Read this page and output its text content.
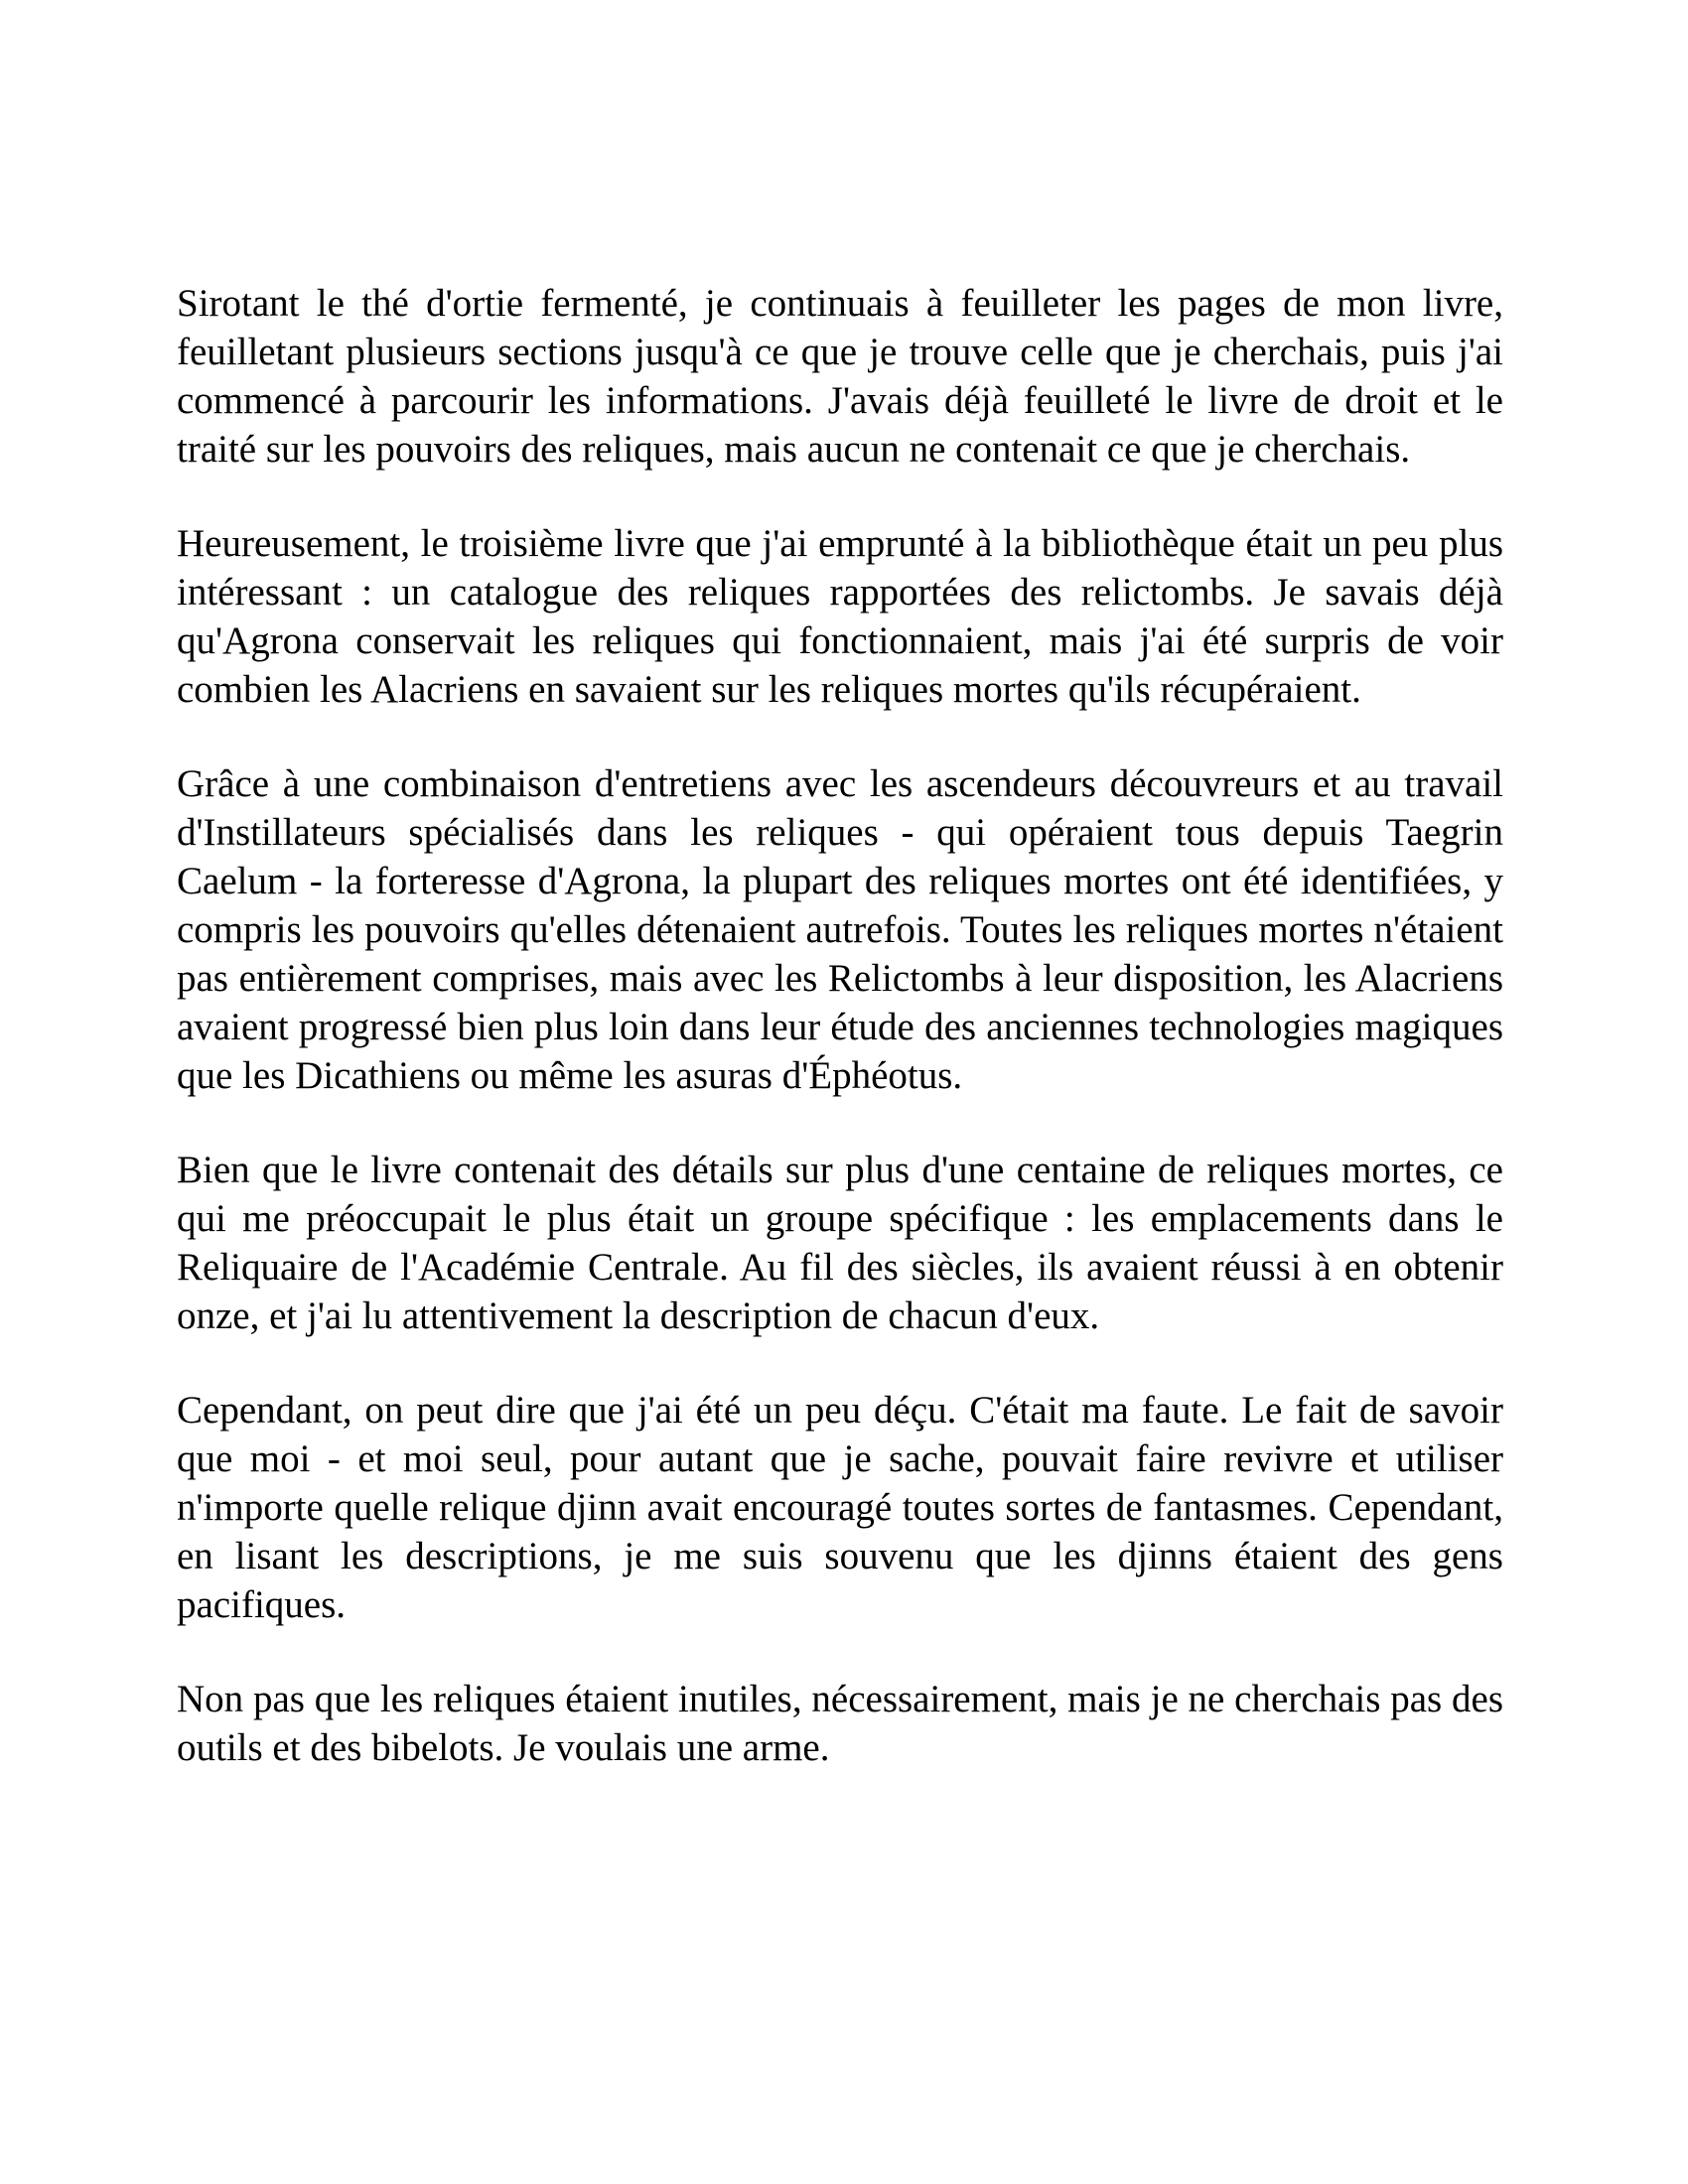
Sirotant le thé d'ortie fermenté, je continuais à feuilleter les pages de mon livre, feuilletant plusieurs sections jusqu'à ce que je trouve celle que je cherchais, puis j'ai commencé à parcourir les informations. J'avais déjà feuilleté le livre de droit et le traité sur les pouvoirs des reliques, mais aucun ne contenait ce que je cherchais.

Heureusement, le troisième livre que j'ai emprunté à la bibliothèque était un peu plus intéressant : un catalogue des reliques rapportées des relictombs. Je savais déjà qu'Agrona conservait les reliques qui fonctionnaient, mais j'ai été surpris de voir combien les Alacriens en savaient sur les reliques mortes qu'ils récupéraient.

Grâce à une combinaison d'entretiens avec les ascendeurs découvreurs et au travail d'Instillateurs spécialisés dans les reliques - qui opéraient tous depuis Taegrin Caelum - la forteresse d'Agrona, la plupart des reliques mortes ont été identifiées, y compris les pouvoirs qu'elles détenaient autrefois. Toutes les reliques mortes n'étaient pas entièrement comprises, mais avec les Relictombs à leur disposition, les Alacriens avaient progressé bien plus loin dans leur étude des anciennes technologies magiques que les Dicathiens ou même les asuras d'Éphéotus.

Bien que le livre contenait des détails sur plus d'une centaine de reliques mortes, ce qui me préoccupait le plus était un groupe spécifique : les emplacements dans le Reliquaire de l'Académie Centrale. Au fil des siècles, ils avaient réussi à en obtenir onze, et j'ai lu attentivement la description de chacun d'eux.

Cependant, on peut dire que j'ai été un peu déçu. C'était ma faute. Le fait de savoir que moi - et moi seul, pour autant que je sache, pouvait faire revivre et utiliser n'importe quelle relique djinn avait encouragé toutes sortes de fantasmes. Cependant, en lisant les descriptions, je me suis souvenu que les djinns étaient des gens pacifiques.

Non pas que les reliques étaient inutiles, nécessairement, mais je ne cherchais pas des outils et des bibelots. Je voulais une arme.
